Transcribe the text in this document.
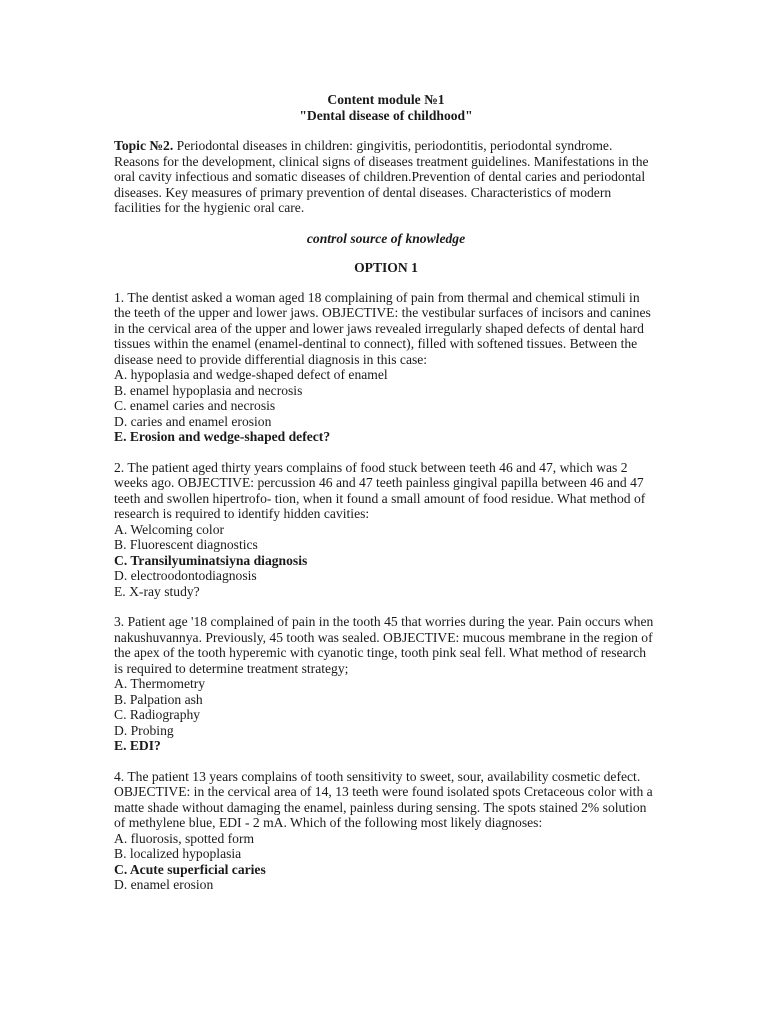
Content module №1

"Dental disease of childhood"

Topic №2. Periodontal diseases in children: gingivitis, periodontitis, periodontal syndrome. Reasons for the development, clinical signs of diseases treatment guidelines. Manifestations in the oral cavity infectious and somatic diseases of children.Prevention of dental caries and periodontal diseases. Key measures of primary prevention of dental diseases. Characteristics of modern facilities for the hygienic oral care.

control source of knowledge

OPTION 1

1. The dentist asked a woman aged 18 complaining of pain from thermal and chemical stimuli in the teeth of the upper and lower jaws. OBJECTIVE: the vestibular surfaces of incisors and canines in the cervical area of the upper and lower jaws revealed irregularly shaped defects of dental hard tissues within the enamel (enamel-dentinal to connect), filled with softened tissues. Between the disease need to provide differential diagnosis in this case:

A. hypoplasia and wedge-shaped defect of enamel

B. enamel hypoplasia and necrosis

C. enamel caries and necrosis

D. caries and enamel erosion

E. Erosion and wedge-shaped defect?

2. The patient aged thirty years complains of food stuck between teeth 46 and 47, which was 2 weeks ago. OBJECTIVE: percussion 46 and 47 teeth painless gingival papilla between 46 and 47 teeth and swollen hipertrofo- tion, when it found a small amount of food residue. What method of research is required to identify hidden cavities:

A. Welcoming color

B. Fluorescent diagnostics

C. Transilyuminatsiyna diagnosis

D. electroodontodiagnosis

E. X-ray study?

3. Patient age '18 complained of pain in the tooth 45 that worries during the year. Pain occurs when nakushuvannya. Previously, 45 tooth was sealed. OBJECTIVE: mucous membrane in the region of the apex of the tooth hyperemic with cyanotic tinge, tooth pink seal fell. What method of research is required to determine treatment strategy;

A. Thermometry

B. Palpation ash

C. Radiography

D. Probing

E. EDI?

4. The patient 13 years complains of tooth sensitivity to sweet, sour, availability cosmetic defect. OBJECTIVE: in the cervical area of 14, 13 teeth were found isolated spots Cretaceous color with a matte shade without damaging the enamel, painless during sensing. The spots stained 2% solution of methylene blue, EDI - 2 mA. Which of the following most likely diagnoses:

A. fluorosis, spotted form

B. localized hypoplasia

C. Acute superficial caries

D. enamel erosion
